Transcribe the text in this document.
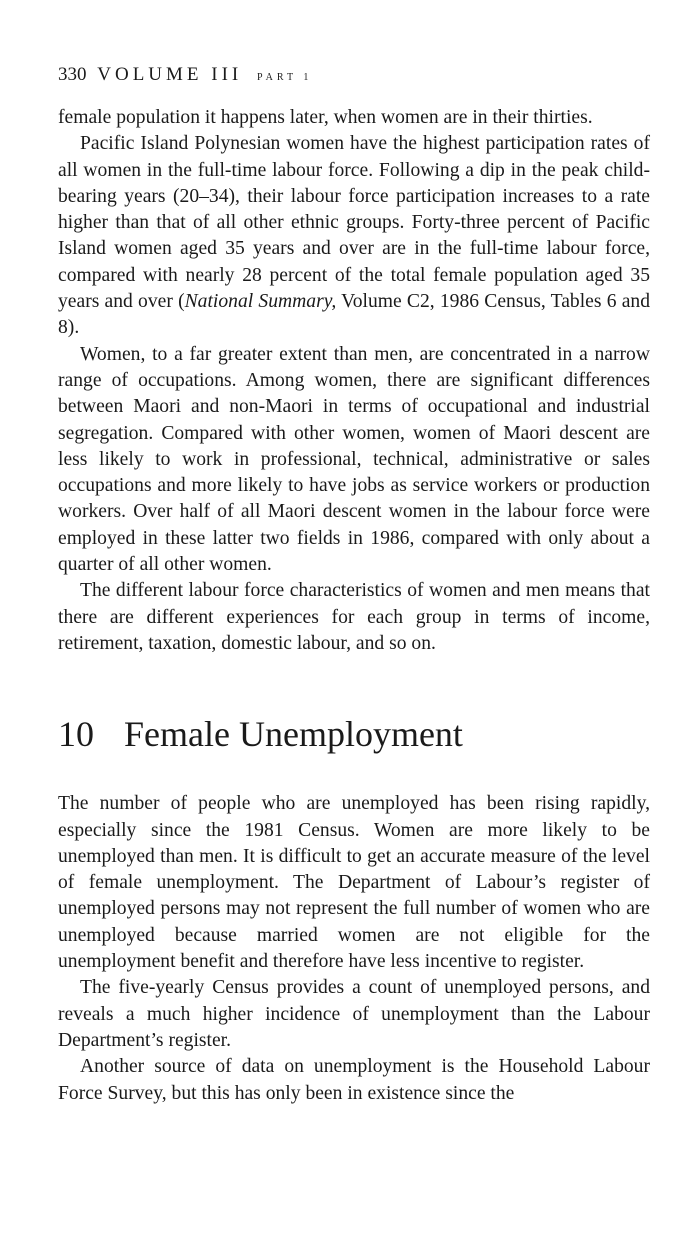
330 VOLUME III PART 1

female population it happens later, when women are in their thirties.

Pacific Island Polynesian women have the highest participation rates of all women in the full-time labour force. Following a dip in the peak child-bearing years (20–34), their labour force participation increases to a rate higher than that of all other ethnic groups. Forty-three percent of Pacific Island women aged 35 years and over are in the full-time labour force, compared with nearly 28 percent of the total female population aged 35 years and over (National Summary, Volume C2, 1986 Census, Tables 6 and 8).

Women, to a far greater extent than men, are concentrated in a narrow range of occupations. Among women, there are significant differences between Maori and non-Maori in terms of occupational and industrial segregation. Compared with other women, women of Maori descent are less likely to work in professional, technical, administrative or sales occupations and more likely to have jobs as service workers or production workers. Over half of all Maori descent women in the labour force were employed in these latter two fields in 1986, compared with only about a quarter of all other women.

The different labour force characteristics of women and men means that there are different experiences for each group in terms of income, retirement, taxation, domestic labour, and so on.

10 Female Unemployment

The number of people who are unemployed has been rising rapidly, especially since the 1981 Census. Women are more likely to be unemployed than men. It is difficult to get an accurate measure of the level of female unemployment. The Department of Labour’s register of unemployed persons may not represent the full number of women who are unemployed because married women are not eligible for the unemployment benefit and therefore have less incentive to register.

The five-yearly Census provides a count of unemployed persons, and reveals a much higher incidence of unemployment than the Labour Department’s register.

Another source of data on unemployment is the Household Labour Force Survey, but this has only been in existence since the
